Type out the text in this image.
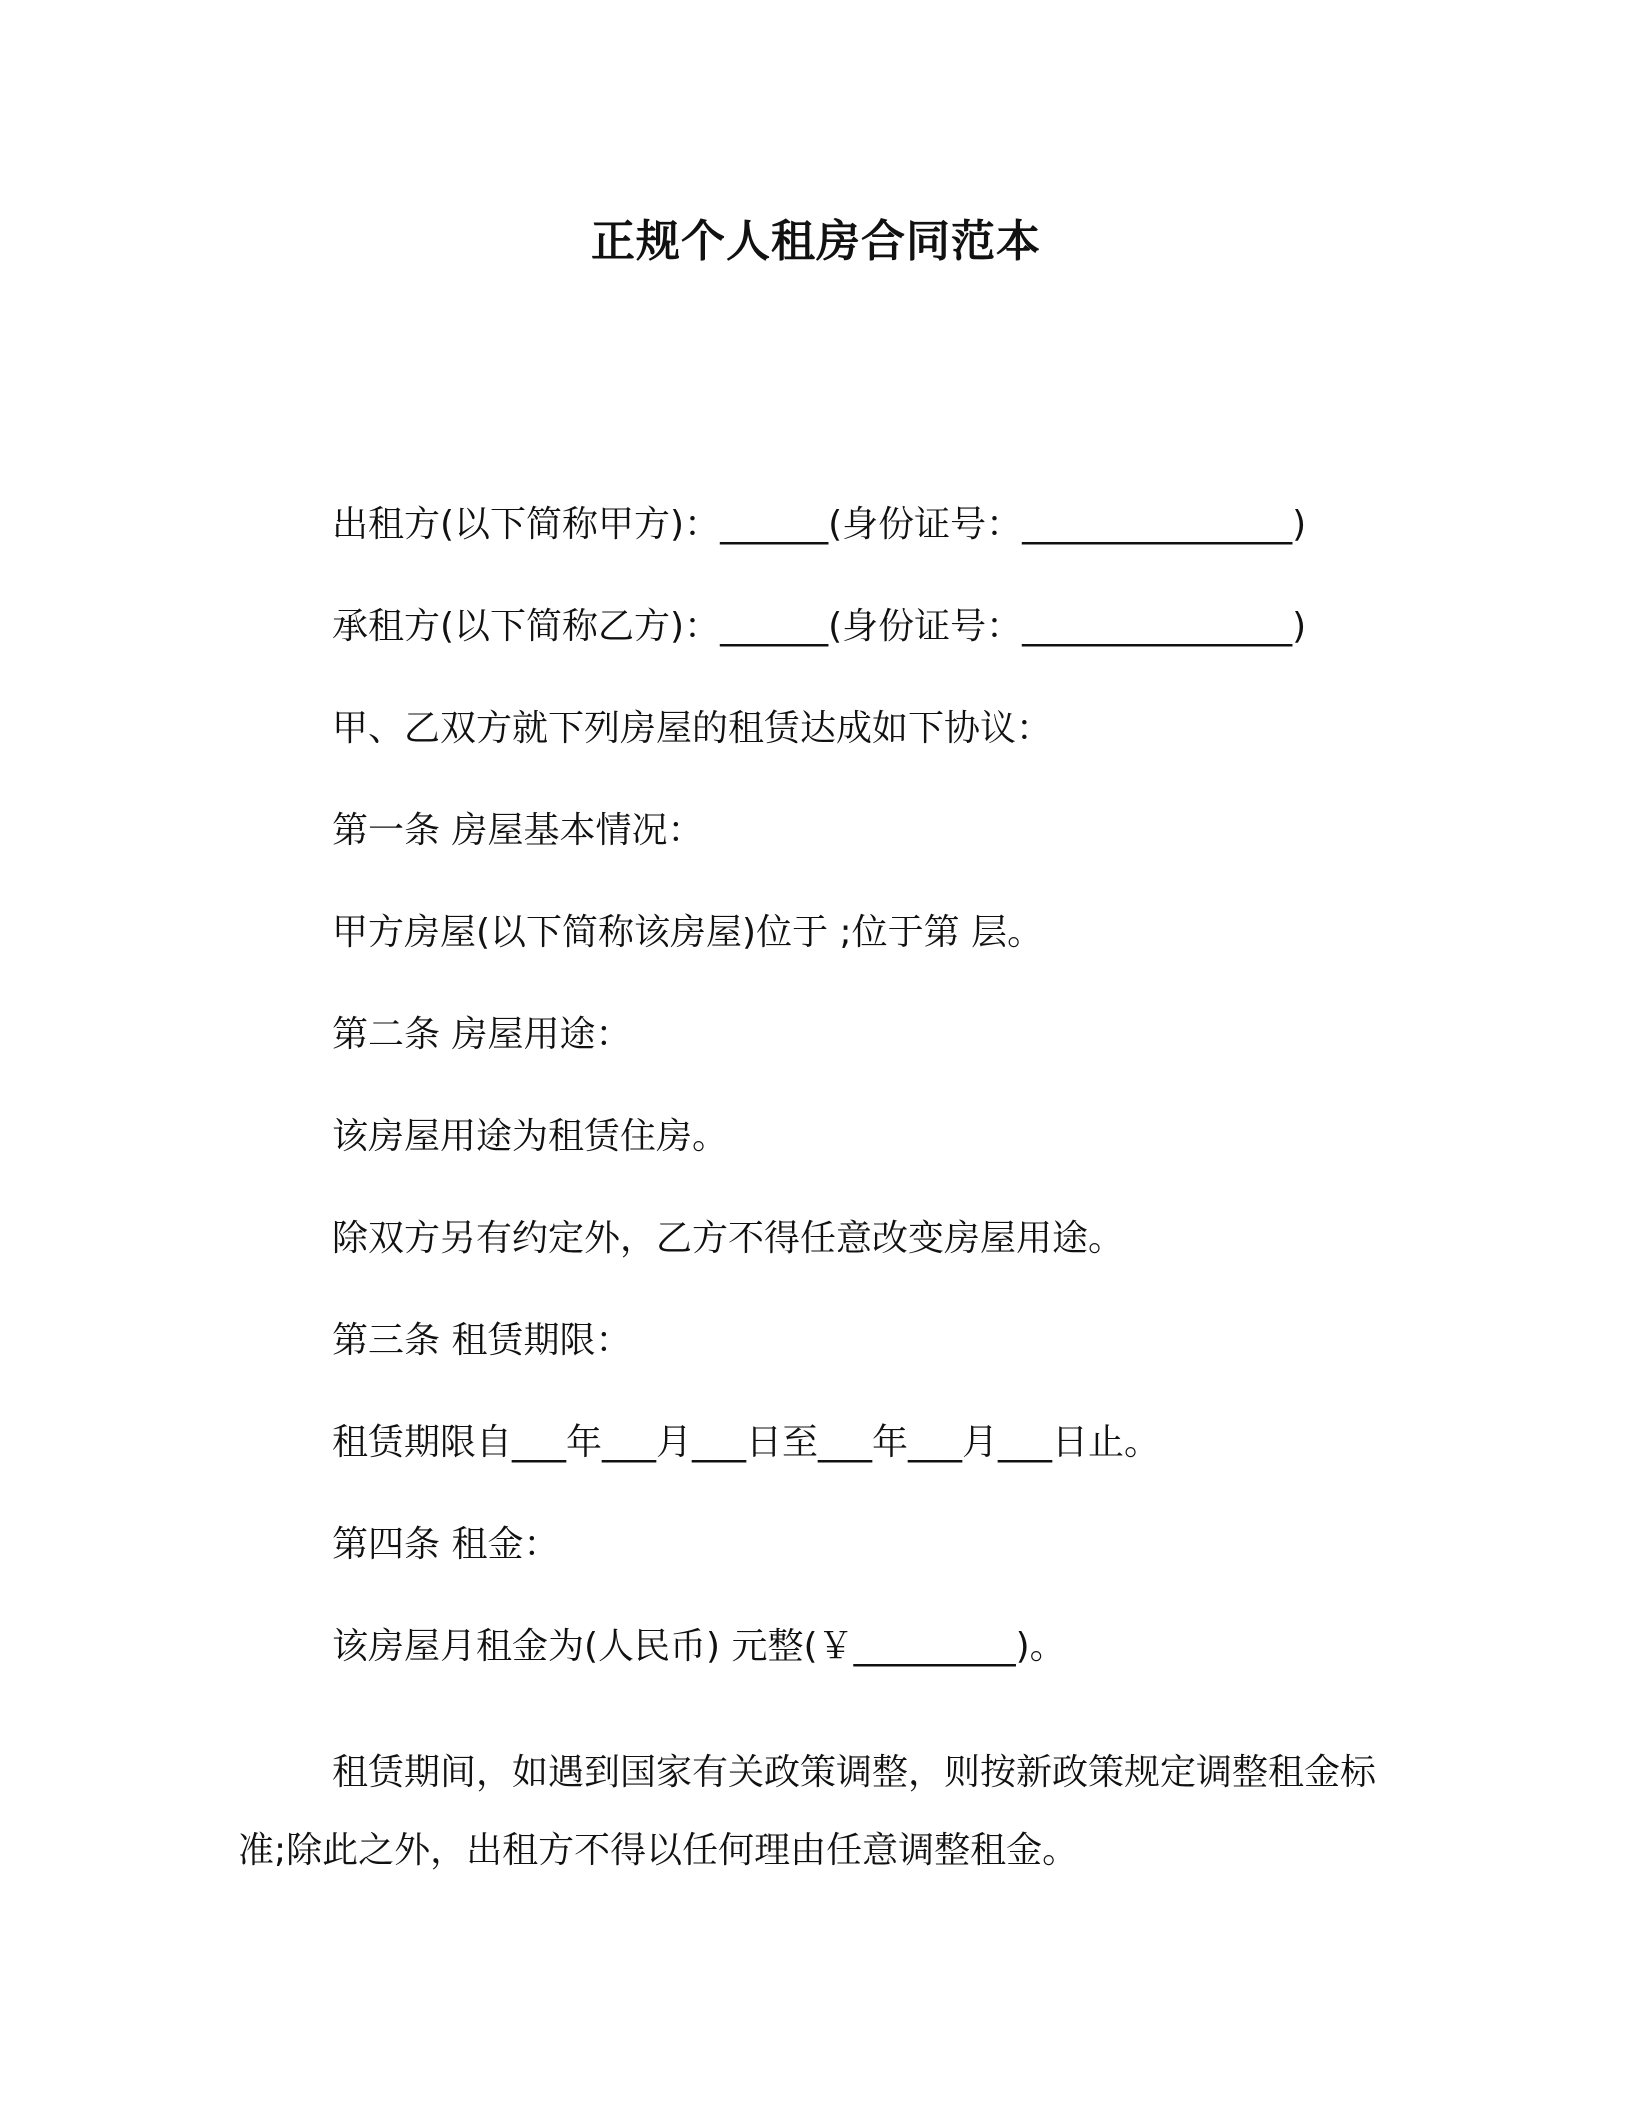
正规个人租房合同范本
出租方(以下简称甲方)：______(身份证号：_______________)
承租方(以下简称乙方)：______(身份证号：_______________)
甲、乙双方就下列房屋的租赁达成如下协议：
第一条 房屋基本情况：
甲方房屋(以下简称该房屋)位于 ;位于第 层。
第二条 房屋用途：
该房屋用途为租赁住房。
除双方另有约定外，乙方不得任意改变房屋用途。
第三条 租赁期限：
租赁期限自___年___月___日至___年___月___日止。
第四条 租金：
该房屋月租金为(人民币) 元整(￥_________)。
租赁期间，如遇到国家有关政策调整，则按新政策规定调整租金标准;除此之外，出租方不得以任何理由任意调整租金。
